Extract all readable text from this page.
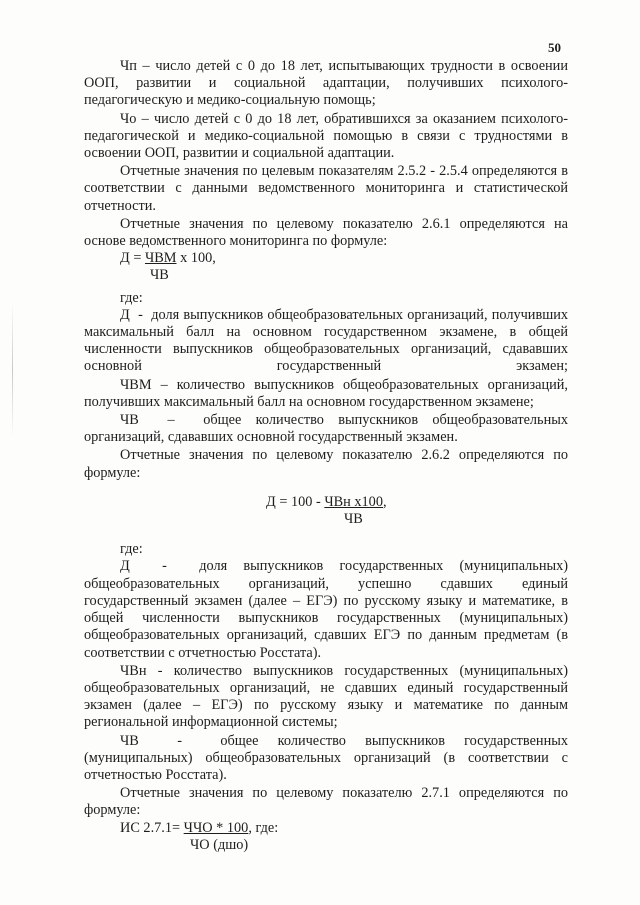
50

Чп – число детей с 0 до 18 лет, испытывающих трудности в освоении ООП, развитии и социальной адаптации, получивших психолого-педагогическую и медико-социальную помощь;

Чо – число детей с 0 до 18 лет, обратившихся за оказанием психолого-педагогической и медико-социальной помощью в связи с трудностями в освоении ООП, развитии и социальной адаптации.

Отчетные значения по целевым показателям 2.5.2 - 2.5.4 определяются в соответствии с данными ведомственного мониторинга и статистической отчетности.

Отчетные значения по целевому показателю 2.6.1 определяются на основе ведомственного мониторинга по формуле:

Д = ЧВМ х 100,
ЧВ
где:

Д  -  доля выпускников общеобразовательных организаций, получивших максимальный балл на основном государственном экзамене, в общей численности выпускников общеобразовательных организаций, сдававших основной государственный экзамен;

ЧВМ – количество выпускников общеобразовательных организаций, получивших максимальный балл на основном государственном экзамене;

ЧВ  –  общее количество выпускников общеобразовательных организаций, сдававших основной государственный экзамен.

Отчетные значения по целевому показателю 2.6.2 определяются по формуле:

Д = 100 - ЧВн х100,
ЧВ
где:

Д  -  доля выпускников государственных (муниципальных) общеобразовательных организаций, успешно сдавших единый государственный экзамен (далее – ЕГЭ) по русскому языку и математике, в общей численности выпускников государственных (муниципальных) общеобразовательных организаций, сдавших ЕГЭ по данным предметам (в соответствии с отчетностью Росстата).

ЧВн - количество выпускников государственных (муниципальных) общеобразовательных организаций, не сдавших единый государственный экзамен (далее – ЕГЭ) по русскому языку и математике по данным региональной информационной системы;

ЧВ  -  общее количество выпускников государственных (муниципальных) общеобразовательных организаций (в соответствии с отчетностью Росстата).

Отчетные значения по целевому показателю 2.7.1 определяются по формуле:

ИС 2.7.1= ЧЧО * 100, где:
ЧО (дшо)
